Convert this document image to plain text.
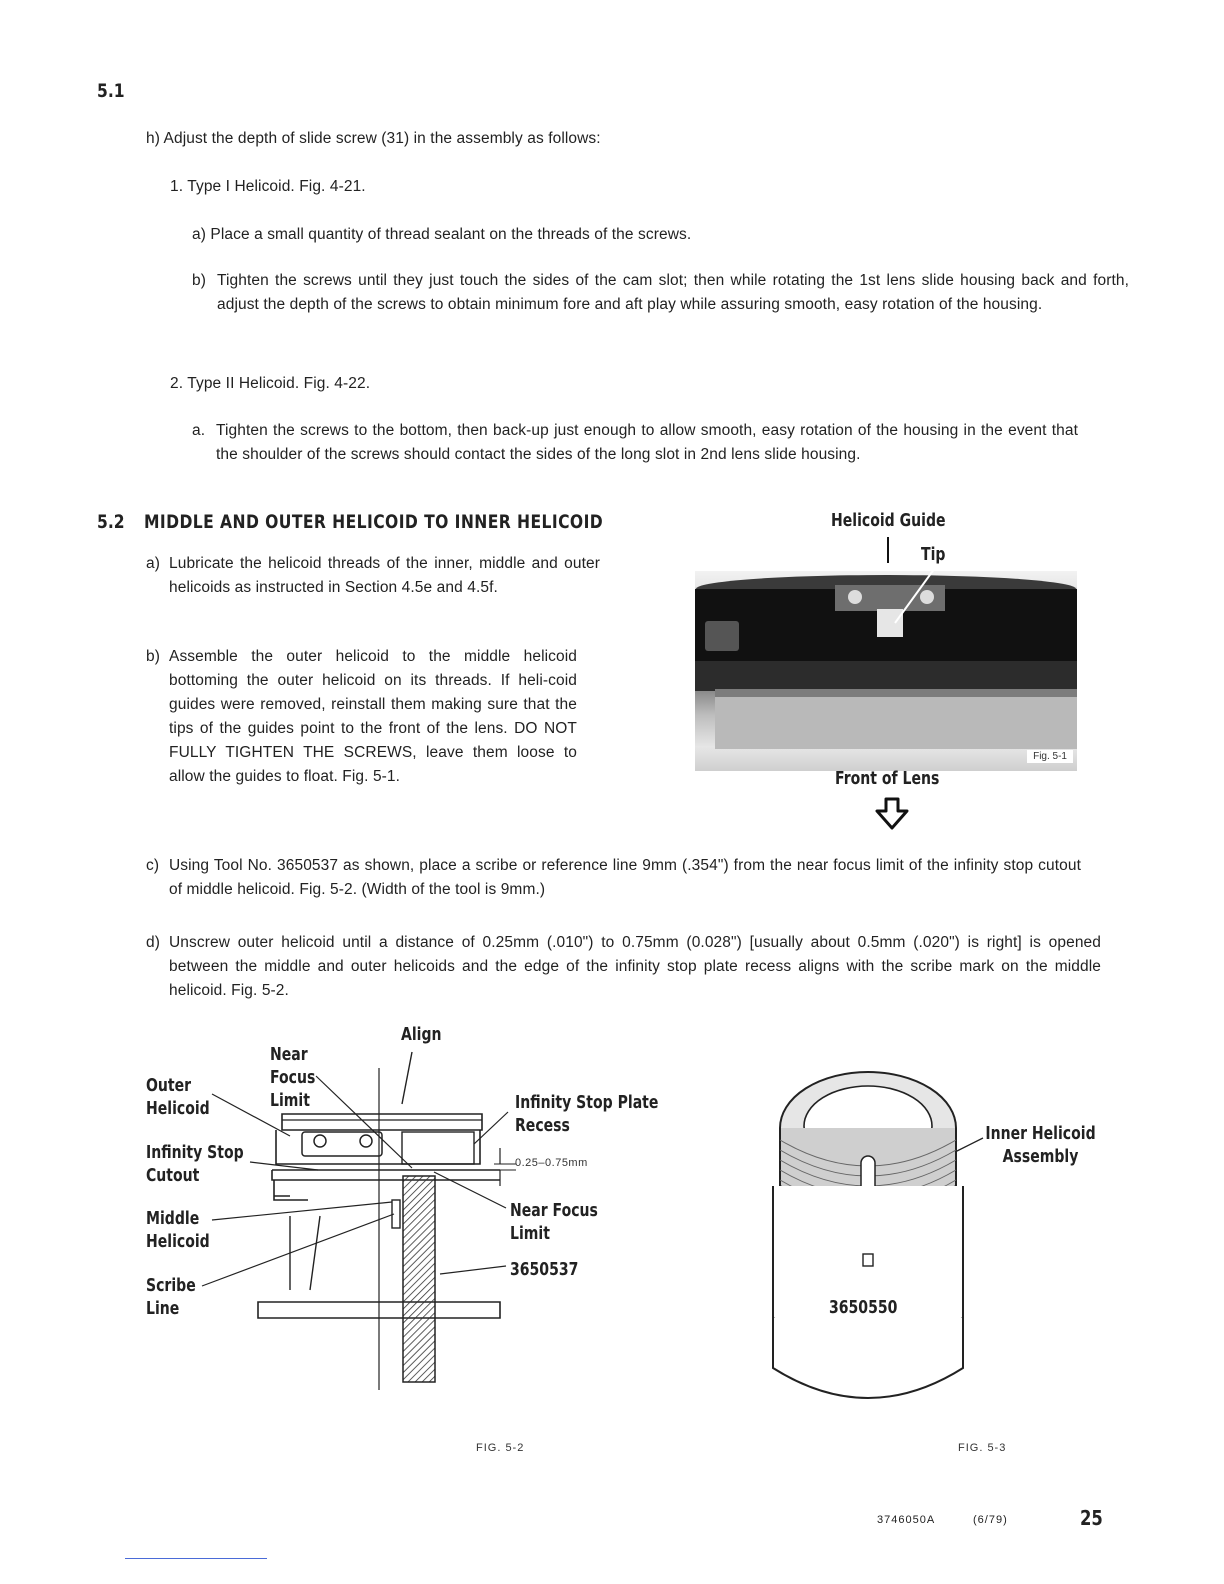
5.1
h) Adjust the depth of slide screw (31) in the assembly as follows:
1. Type I Helicoid. Fig. 4-21.
a) Place a small quantity of thread sealant on the threads of the screws.
b) Tighten the screws until they just touch the sides of the cam slot; then while rotating the 1st lens slide housing back and forth, adjust the depth of the screws to obtain minimum fore and aft play while assuring smooth, easy rotation of the housing.
2. Type II Helicoid. Fig. 4-22.
a. Tighten the screws to the bottom, then back-up just enough to allow smooth, easy rotation of the housing in the event that the shoulder of the screws should contact the sides of the long slot in 2nd lens slide housing.
5.2 MIDDLE AND OUTER HELICOID TO INNER HELICOID
a) Lubricate the helicoid threads of the inner, middle and outer helicoids as instructed in Section 4.5e and 4.5f.
b) Assemble the outer helicoid to the middle helicoid bottoming the outer helicoid on its threads. If heli-coid guides were removed, reinstall them making sure that the tips of the guides point to the front of the lens. DO NOT FULLY TIGHTEN THE SCREWS, leave them loose to allow the guides to float. Fig. 5-1.
Helicoid Guide
Tip
Fig. 5-1
Front of Lens
c) Using Tool No. 3650537 as shown, place a scribe or reference line 9mm (.354") from the near focus limit of the infinity stop cutout of middle helicoid. Fig. 5-2. (Width of the tool is 9mm.)
d) Unscrew outer helicoid until a distance of 0.25mm (.010") to 0.75mm (0.028") [usually about 0.5mm (.020") is right] is opened between the middle and outer helicoids and the edge of the infinity stop plate recess aligns with the scribe mark on the middle helicoid. Fig. 5-2.
Align
Near Focus Limit
Outer Helicoid
Infinity Stop Cutout
Middle Helicoid
Scribe Line
Infinity Stop Plate Recess
0.25–0.75mm
Near Focus Limit
3650537
FIG. 5-2
Inner Helicoid Assembly
3650550
FIG. 5-3
3746050A	(6/79)	25
